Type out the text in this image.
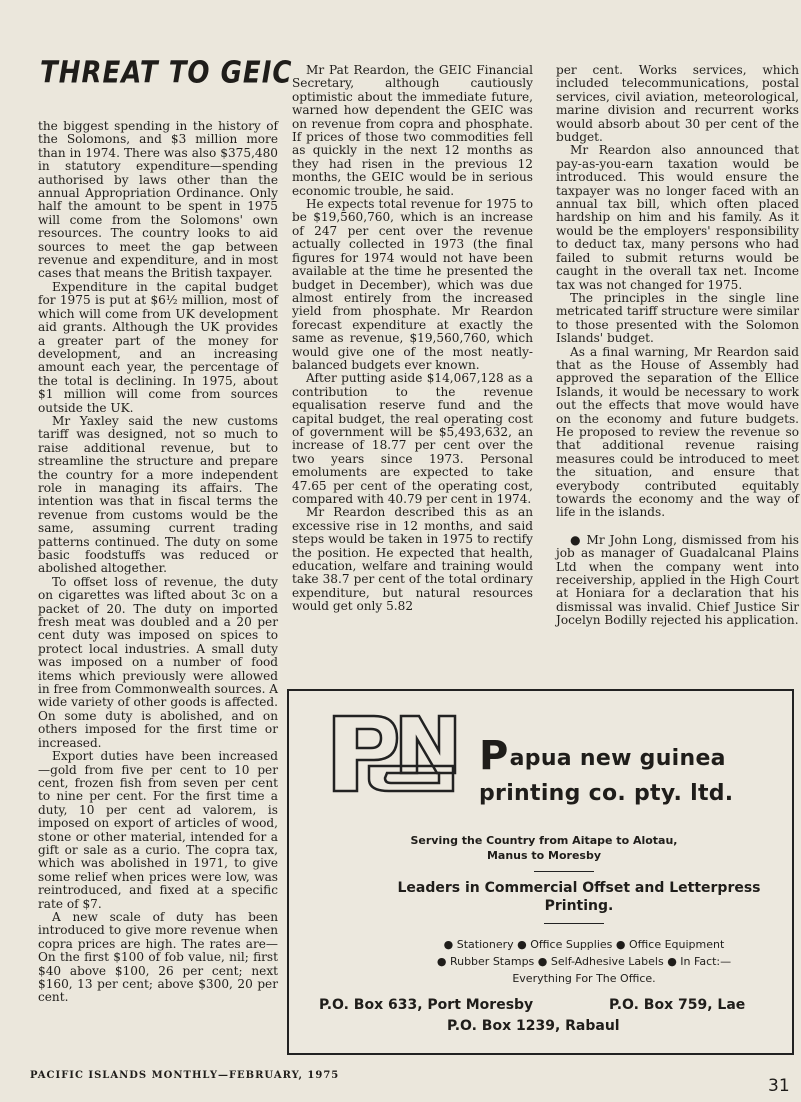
THREAT TO GEIC

the biggest spending in the history of the Solomons, and $3 million more than in 1974. There was also $375,480 in statutory expenditure—spending authorised by laws other than the annual Appropriation Ordinance. Only half the amount to be spent in 1975 will come from the Solomons' own resources. The country looks to aid sources to meet the gap between revenue and expenditure, and in most cases that means the British taxpayer.

Expenditure in the capital budget for 1975 is put at $6½ million, most of which will come from UK development aid grants. Although the UK provides a greater part of the money for development, and an increasing amount each year, the percentage of the total is declining. In 1975, about $1 million will come from sources outside the UK.

Mr Yaxley said the new customs tariff was designed, not so much to raise additional revenue, but to streamline the structure and prepare the country for a more independent role in managing its affairs. The intention was that in fiscal terms the revenue from customs would be the same, assuming current trading patterns continued. The duty on some basic foodstuffs was reduced or abolished altogether.

To offset loss of revenue, the duty on cigarettes was lifted about 3c on a packet of 20. The duty on imported fresh meat was doubled and a 20 per cent duty was imposed on spices to protect local industries. A small duty was imposed on a number of food items which previously were allowed in free from Commonwealth sources. A wide variety of other goods is affected. On some duty is abolished, and on others imposed for the first time or increased.

Export duties have been increased —gold from five per cent to 10 per cent, frozen fish from seven per cent to nine per cent. For the first time a duty, 10 per cent ad valorem, is imposed on export of articles of wood, stone or other material, intended for a gift or sale as a curio. The copra tax, which was abolished in 1971, to give some relief when prices were low, was reintroduced, and fixed at a specific rate of $7.

A new scale of duty has been introduced to give more revenue when copra prices are high. The rates are—On the first $100 of fob value, nil; first $40 above $100, 26 per cent; next $160, 13 per cent; above $300, 20 per cent.

Mr Pat Reardon, the GEIC Financial Secretary, although cautiously optimistic about the immediate future, warned how dependent the GEIC was on revenue from copra and phosphate. If prices of those two commodities fell as quickly in the next 12 months as they had risen in the previous 12 months, the GEIC would be in serious economic trouble, he said.

He expects total revenue for 1975 to be $19,560,760, which is an increase of 247 per cent over the revenue actually collected in 1973 (the final figures for 1974 would not have been available at the time he presented the budget in December), which was due almost entirely from the increased yield from phosphate. Mr Reardon forecast expenditure at exactly the same as revenue, $19,560,760, which would give one of the most neatly-balanced budgets ever known.

After putting aside $14,067,128 as a contribution to the revenue equalisation reserve fund and the capital budget, the real operating cost of government will be $5,493,632, an increase of 18.77 per cent over the two years since 1973. Personal emoluments are expected to take 47.65 per cent of the operating cost, compared with 40.79 per cent in 1974.

Mr Reardon described this as an excessive rise in 12 months, and said steps would be taken in 1975 to rectify the position. He expected that health, education, welfare and training would take 38.7 per cent of the total ordinary expenditure, but natural resources would get only 5.82

per cent. Works services, which included telecommunications, postal services, civil aviation, meteorological, marine division and recurrent works would absorb about 30 per cent of the budget.

Mr Reardon also announced that pay-as-you-earn taxation would be introduced. This would ensure the taxpayer was no longer faced with an annual tax bill, which often placed hardship on him and his family. As it would be the employers' responsibility to deduct tax, many persons who had failed to submit returns would be caught in the overall tax net. Income tax was not changed for 1975.

The principles in the single line metricated tariff structure were similar to those presented with the Solomon Islands' budget.

As a final warning, Mr Reardon said that as the House of Assembly had approved the separation of the Ellice Islands, it would be necessary to work out the effects that move would have on the economy and future budgets. He proposed to review the revenue so that additional revenue raising measures could be introduced to meet the situation, and ensure that everybody contributed equitably towards the economy and the way of life in the islands.

● Mr John Long, dismissed from his job as manager of Guadalcanal Plains Ltd when the company went into receivership, applied in the High Court at Honiara for a declaration that his dismissal was invalid. Chief Justice Sir Jocelyn Bodilly rejected his application.

PNG
Papua new guinea
printing co. pty. ltd.
Serving the Country from Aitape to Alotau,
Manus to Moresby
Leaders in Commercial Offset and Letterpress
Printing.
● Stationery ● Office Supplies ● Office Equipment
● Rubber Stamps ● Self-Adhesive Labels ● In Fact:—
Everything For The Office.
P.O. Box 633, Port Moresby	P.O. Box 759, Lae
P.O. Box 1239, Rabaul
PACIFIC ISLANDS MONTHLY—FEBRUARY, 1975
31
